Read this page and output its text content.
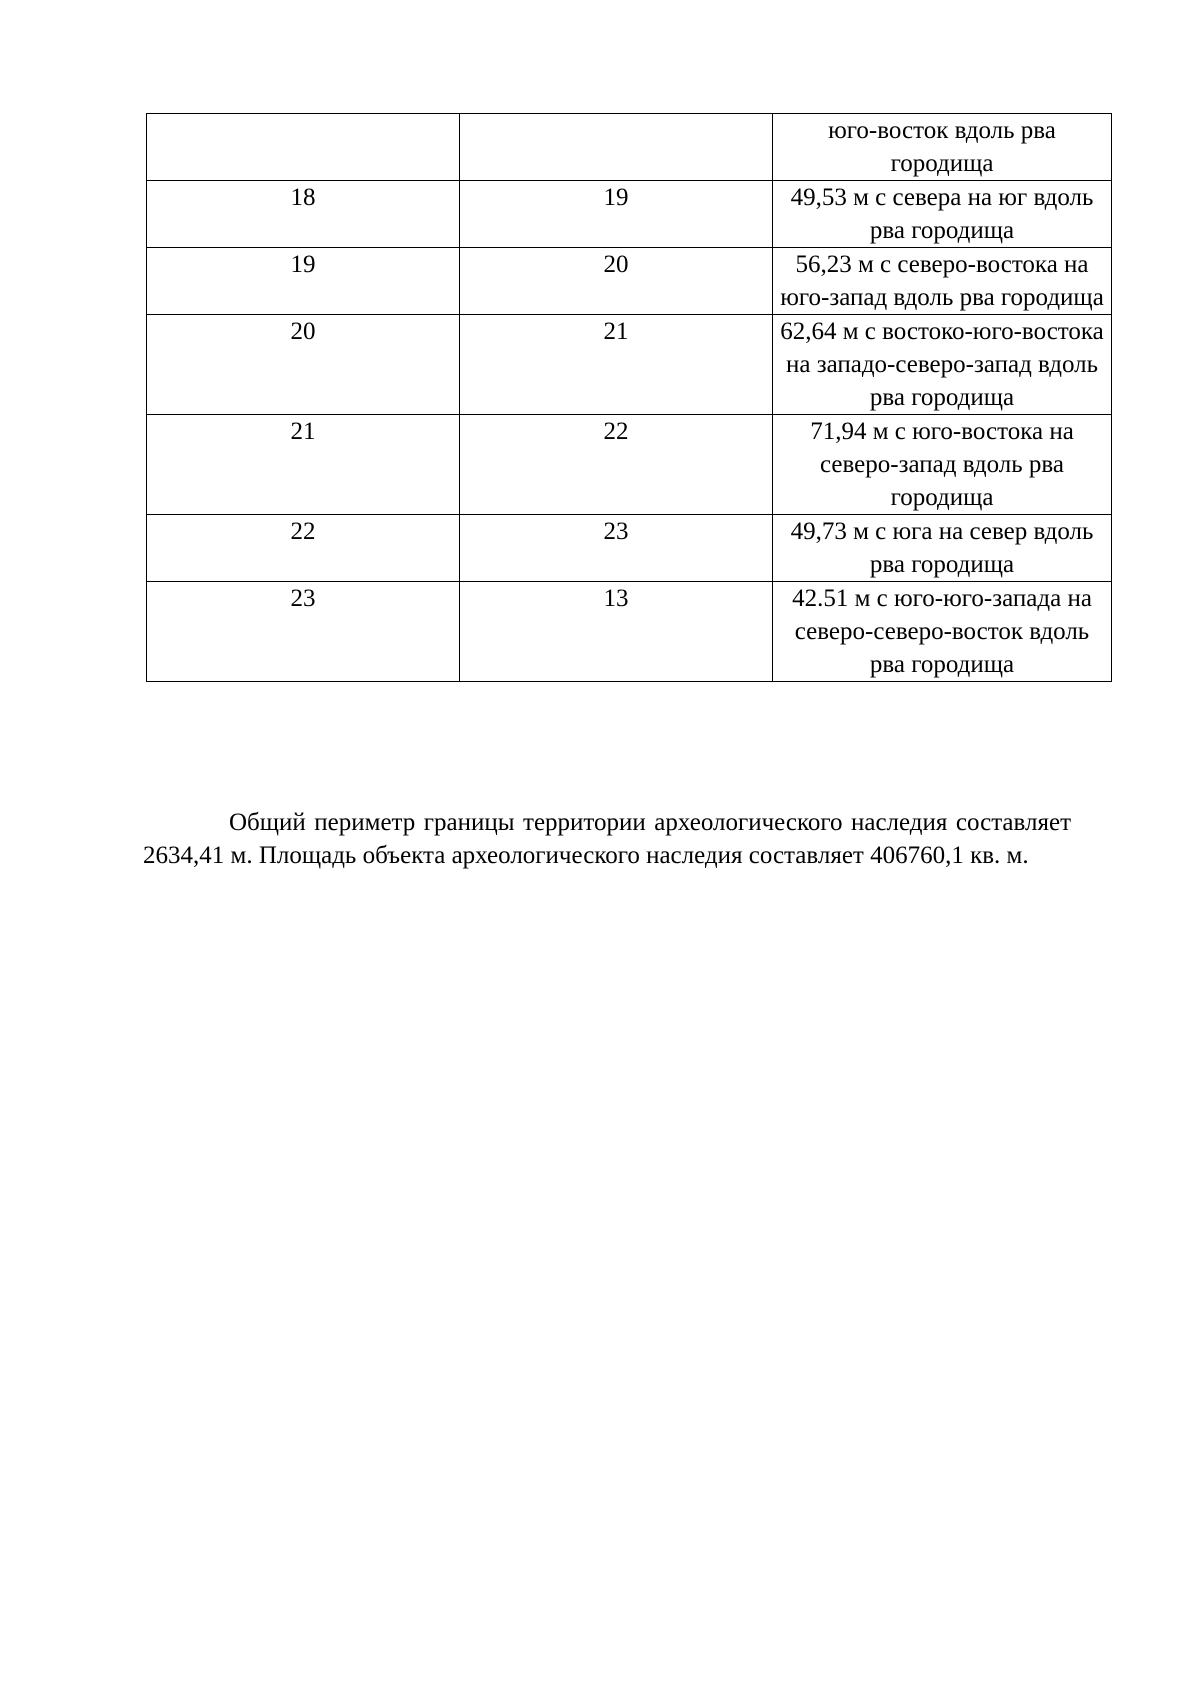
		юго-восток вдоль рва городища
18	19	49,53 м с севера на юг вдоль рва городища
19	20	56,23 м с северо-востока на юго-запад вдоль рва городища
20	21	62,64 м с востоко-юго-востока на западо-северо-запад вдоль рва городища
21	22	71,94 м с юго-востока на северо-запад вдоль рва городища
22	23	49,73 м с юга на север вдоль рва городища
23	13	42.51 м с юго-юго-запада на северо-северо-восток вдоль рва городища

Общий периметр границы территории археологического наследия составляет 2634,41 м. Площадь объекта археологического наследия составляет 406760,1 кв. м.
